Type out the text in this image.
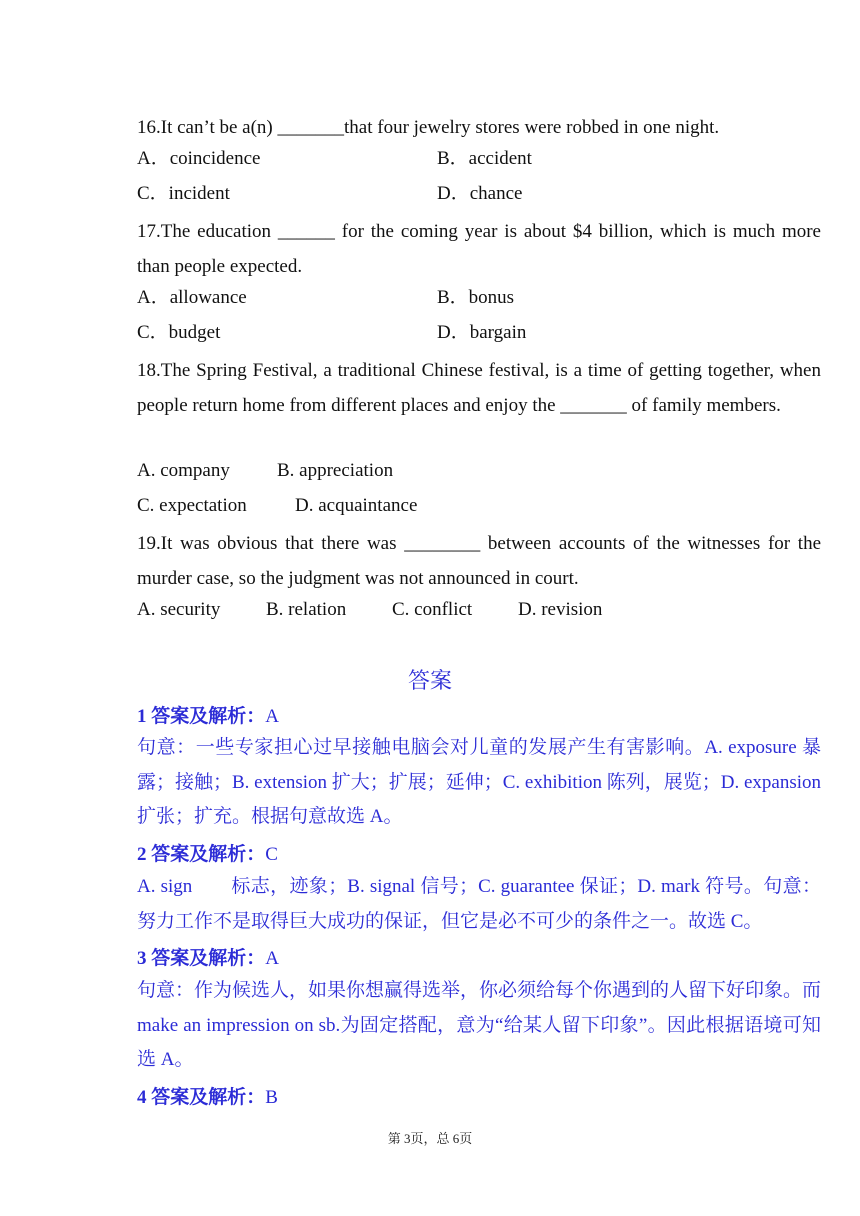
16.It can’t be a(n) _______that four jewelry stores were robbed in one night.
A．coincidence	B．accident
C．incident	D．chance
17.The education ______ for the coming year is about $4 billion, which is much more than people expected.
A．allowance	B．bonus
C．budget	D．bargain
18.The Spring Festival, a traditional Chinese festival, is a time of getting together, when people return home from different places and enjoy the _______ of family members.
A. company B. appreciation
C. expectation	D. acquaintance
19.It was obvious that there was ________ between accounts of the witnesses for the murder case, so the judgment was not announced in court.
A. security B. relation C. conflict D. revision
答案
1 答案及解析：A
句意：一些专家担心过早接触电脑会对儿童的发展产生有害影响。A. exposure 暴露；接触；B. extension 扩大；扩展；延伸；C. exhibition 陈列，展览；D. expansion 扩张；扩充。根据句意故选 A。
2 答案及解析：C
A. sign　　标志，迹象；B. signal 信号；C. guarantee 保证；D. mark 符号。句意：努力工作不是取得巨大成功的保证，但它是必不可少的条件之一。故选 C。
3 答案及解析：A
句意：作为候选人，如果你想赢得选举，你必须给每个你遇到的人留下好印象。而 make an impression on sb.为固定搭配，意为“给某人留下印象”。因此根据语境可知选 A。
4 答案及解析：B
第 3页，总 6页
